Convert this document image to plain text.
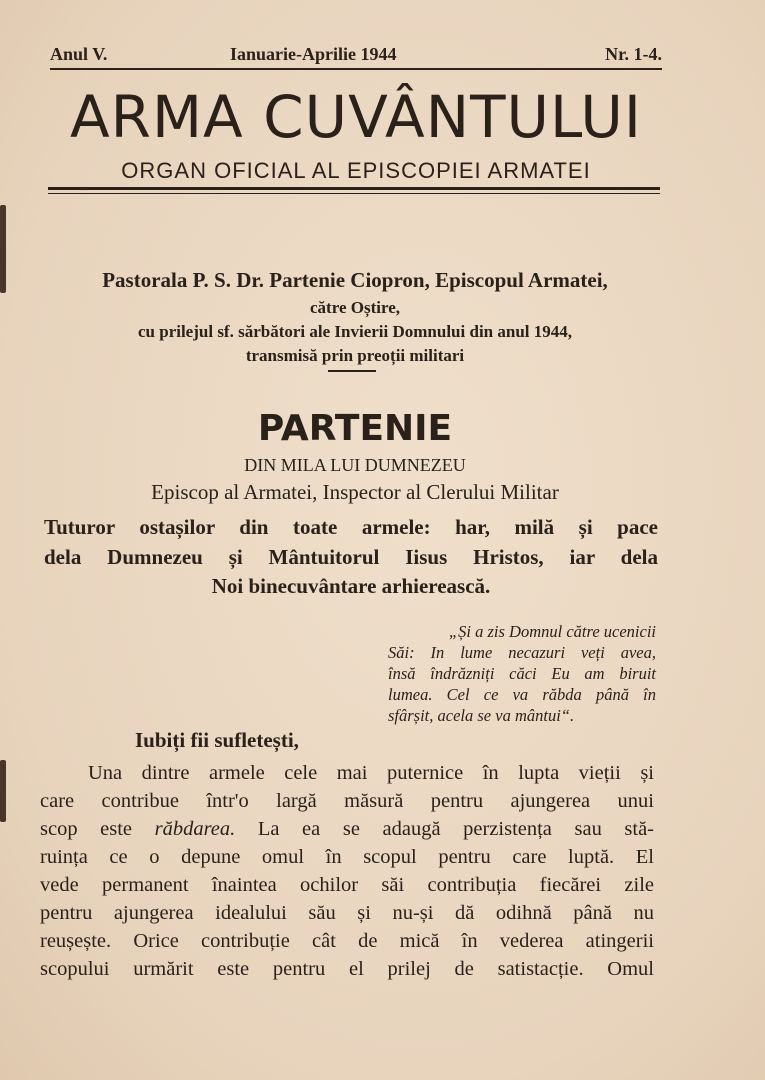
Anul V.	Ianuarie-Aprilie 1944	Nr. 1-4.
ARMA CUVÂNTULUI
ORGAN OFICIAL AL EPISCOPIEI ARMATEI
Pastorala P. S. Dr. Partenie Ciopron, Episcopul Armatei,
către Oștire,
cu prilejul sf. sărbători ale Invierii Domnului din anul 1944,
transmisă prin preoții militari
PARTENIE
DIN MILA LUI DUMNEZEU
Episcop al Armatei, Inspector al Clerului Militar
Tuturor ostașilor din toate armele: har, milă și pace
dela Dumnezeu și Mântuitorul Iisus Hristos, iar dela
Noi binecuvântare arhierească.
„Și a zis Domnul către ucenicii
Săi: In lume necazuri veți avea,
însă îndrăzniți căci Eu am biruit
lumea. Cel ce va răbda până în
sfârșit, acela se va mântui“.
Iubiți fii sufletești,
Una dintre armele cele mai puternice în lupta vieții și
care contribue într'o largă măsură pentru ajungerea unui
scop este răbdarea. La ea se adaugă perzistența sau stă-
ruința ce o depune omul în scopul pentru care luptă. El
vede permanent înaintea ochilor săi contribuția fiecărei zile
pentru ajungerea idealului său și nu-și dă odihnă până nu
reușește. Orice contribuție cât de mică în vederea atingerii
scopului urmărit este pentru el prilej de satistacție. Omul
